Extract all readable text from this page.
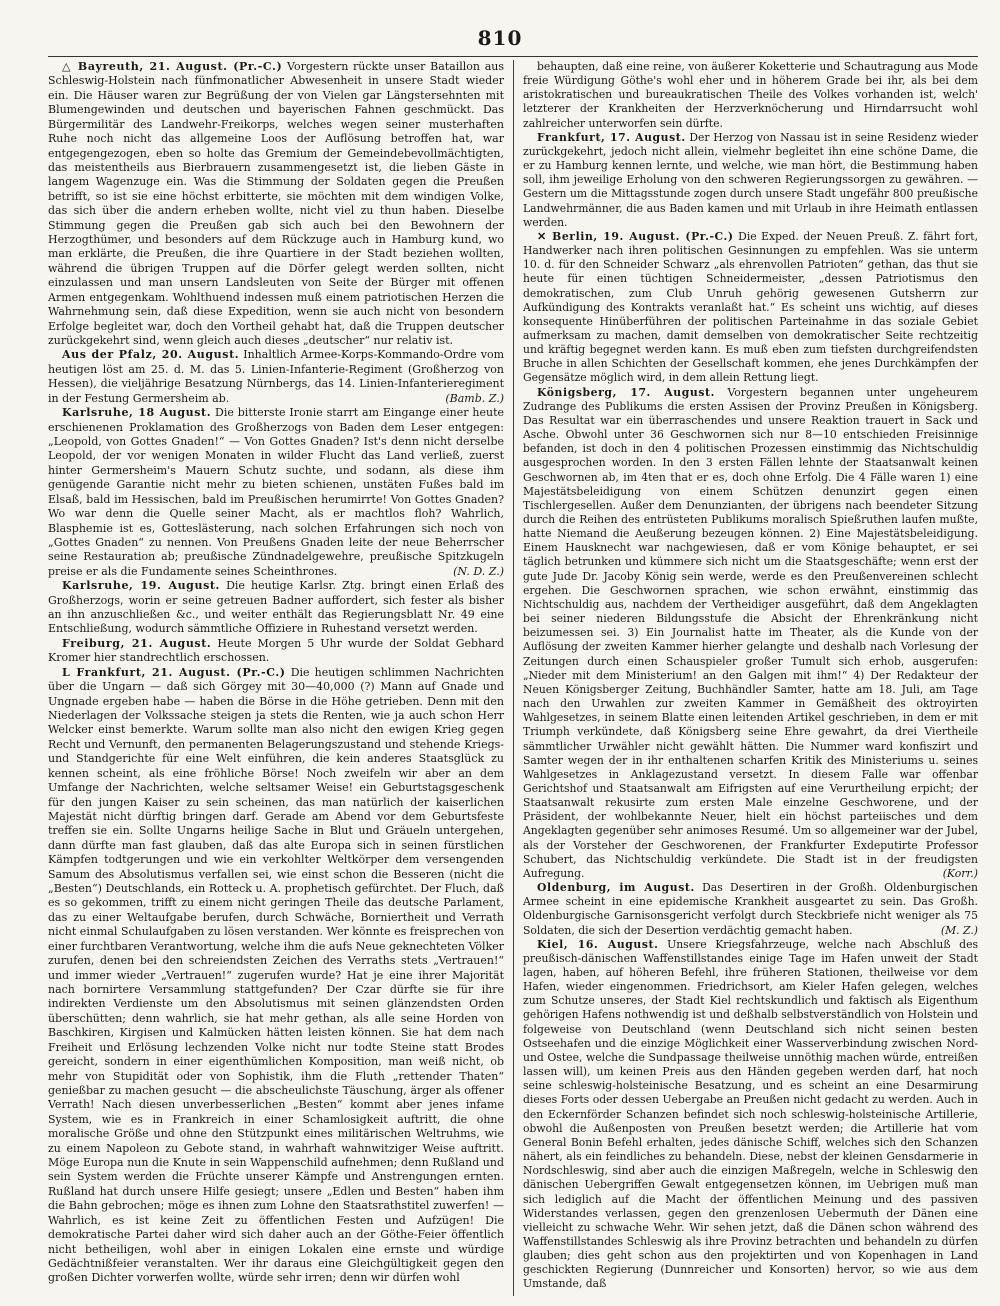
810

△ Bayreuth, 21. August. (Pr.-C.) Vorgestern rückte unser Bataillon aus Schleswig-Holstein nach fünfmonatlicher Abwesenheit in unsere Stadt wieder ein. Die Häuser waren zur Begrüßung der von Vielen gar Längstersehnten mit Blumengewinden und deutschen und bayerischen Fahnen geschmückt. Das Bürgermilitär des Landwehr-Freikorps, welches wegen seiner musterhaften Ruhe noch nicht das allgemeine Loos der Auflösung betroffen hat, war entgegengezogen, eben so holte das Gremium der Gemeindebevollmächtigten, das meistentheils aus Bierbrauern zusammengesetzt ist, die lieben Gäste in langem Wagenzuge ein. Was die Stimmung der Soldaten gegen die Preußen betrifft, so ist sie eine höchst erbitterte, sie möchten mit dem windigen Volke, das sich über die andern erheben wollte, nicht viel zu thun haben. Dieselbe Stimmung gegen die Preußen gab sich auch bei den Bewohnern der Herzogthümer, und besonders auf dem Rückzuge auch in Hamburg kund, wo man erklärte, die Preußen, die ihre Quartiere in der Stadt beziehen wollten, während die übrigen Truppen auf die Dörfer gelegt werden sollten, nicht einzulassen und man unsern Landsleuten von Seite der Bürger mit offenen Armen entgegenkam. Wohlthuend indessen muß einem patriotischen Herzen die Wahrnehmung sein, daß diese Expedition, wenn sie auch nicht von besondern Erfolge begleitet war, doch den Vortheil gehabt hat, daß die Truppen deutscher zurückgekehrt sind, wenn gleich auch dieses „deutscher“ nur relativ ist.

Aus der Pfalz, 20. August. Inhaltlich Armee-Korps-Kommando-Ordre vom heutigen löst am 25. d. M. das 5. Linien-Infanterie-Regiment (Großherzog von Hessen), die vieljährige Besatzung Nürnbergs, das 14. Linien-Infanterieregiment in der Festung Germersheim ab.	(Bamb. Z.)

Karlsruhe, 18 August. Die bitterste Ironie starrt am Eingange einer heute erschienenen Proklamation des Großherzogs von Baden dem Leser entgegen: „Leopold, von Gottes Gnaden!“ — Von Gottes Gnaden? Ist's denn nicht derselbe Leopold, der vor wenigen Monaten in wilder Flucht das Land verließ, zuerst hinter Germersheim's Mauern Schutz suchte, und sodann, als diese ihm genügende Garantie nicht mehr zu bieten schienen, unstäten Fußes bald im Elsaß, bald im Hessischen, bald im Preußischen herumirrte! Von Gottes Gnaden? Wo war denn die Quelle seiner Macht, als er machtlos floh? Wahrlich, Blasphemie ist es, Gotteslästerung, nach solchen Erfahrungen sich noch von „Gottes Gnaden“ zu nennen. Von Preußens Gnaden leite der neue Beherrscher seine Restauration ab; preußische Zündnadelgewehre, preußische Spitzkugeln preise er als die Fundamente seines Scheinthrones.	(N. D. Z.)

Karlsruhe, 19. August. Die heutige Karlsr. Ztg. bringt einen Erlaß des Großherzogs, worin er seine getreuen Badner auffordert, sich fester als bisher an ihn anzuschließen &c., und weiter enthält das Regierungsblatt Nr. 49 eine Entschließung, wodurch sämmtliche Offiziere in Ruhestand versetzt werden.

Freiburg, 21. August. Heute Morgen 5 Uhr wurde der Soldat Gebhard Kromer hier standrechtlich erschossen.

L Frankfurt, 21. August. (Pr.-C.) Die heutigen schlimmen Nachrichten über die Ungarn — daß sich Görgey mit 30—40,000 (?) Mann auf Gnade und Ungnade ergeben habe — haben die Börse in die Höhe getrieben. Denn mit den Niederlagen der Volkssache steigen ja stets die Renten, wie ja auch schon Herr Welcker einst bemerkte. Warum sollte man also nicht den ewigen Krieg gegen Recht und Vernunft, den permanenten Belagerungszustand und stehende Kriegs- und Standgerichte für eine Welt einführen, die kein anderes Staatsglück zu kennen scheint, als eine fröhliche Börse! Noch zweifeln wir aber an dem Umfange der Nachrichten, welche seltsamer Weise! ein Geburtstagsgeschenk für den jungen Kaiser zu sein scheinen, das man natürlich der kaiserlichen Majestät nicht dürftig bringen darf. Gerade am Abend vor dem Geburtsfeste treffen sie ein. Sollte Ungarns heilige Sache in Blut und Gräueln untergehen, dann dürfte man fast glauben, daß das alte Europa sich in seinen fürstlichen Kämpfen todtgerungen und wie ein verkohlter Weltkörper dem versengenden Samum des Absolutismus verfallen sei, wie einst schon die Besseren (nicht die „Besten“) Deutschlands, ein Rotteck u. A. prophetisch gefürchtet. Der Fluch, daß es so gekommen, trifft zu einem nicht geringen Theile das deutsche Parlament, das zu einer Weltaufgabe berufen, durch Schwäche, Borniertheit und Verrath nicht einmal Schulaufgaben zu lösen verstanden. Wer könnte es freisprechen von einer furchtbaren Verantwortung, welche ihm die aufs Neue geknechteten Völker zurufen, denen bei den schreiendsten Zeichen des Verraths stets „Vertrauen!“ und immer wieder „Vertrauen!“ zugerufen wurde? Hat je eine ihrer Majorität nach bornirtere Versammlung stattgefunden? Der Czar dürfte sie für ihre indirekten Verdienste um den Absolutismus mit seinen glänzendsten Orden überschütten; denn wahrlich, sie hat mehr gethan, als alle seine Horden von Baschkiren, Kirgisen und Kalmücken hätten leisten können. Sie hat dem nach Freiheit und Erlösung lechzenden Volke nicht nur todte Steine statt Brodes gereicht, sondern in einer eigenthümlichen Komposition, man weiß nicht, ob mehr von Stupidität oder von Sophistik, ihm die Fluth „rettender Thaten“ genießbar zu machen gesucht — die abscheulichste Täuschung, ärger als offener Verrath! Nach diesen unverbesserlichen „Besten“ kommt aber jenes infame System, wie es in Frankreich in einer Schamlosigkeit auftritt, die ohne moralische Größe und ohne den Stützpunkt eines militärischen Weltruhms, wie zu einem Napoleon zu Gebote stand, in wahrhaft wahnwitziger Weise auftritt. Möge Europa nun die Knute in sein Wappenschild aufnehmen; denn Rußland und sein System werden die Früchte unserer Kämpfe und Anstrengungen ernten. Rußland hat durch unsere Hilfe gesiegt; unsere „Edlen und Besten“ haben ihm die Bahn gebrochen; möge es ihnen zum Lohne den Staatsrathstitel zuwerfen! — Wahrlich, es ist keine Zeit zu öffentlichen Festen und Aufzügen! Die demokratische Partei daher wird sich daher auch an der Göthe-Feier öffentlich nicht betheiligen, wohl aber in einigen Lokalen eine ernste und würdige Gedächtnißfeier veranstalten. Wer ihr daraus eine Gleichgültigkeit gegen den großen Dichter vorwerfen wollte, würde sehr irren; denn wir dürfen wohl

behaupten, daß eine reine, von äußerer Koketterie und Schautragung aus Mode freie Würdigung Göthe's wohl eher und in höherem Grade bei ihr, als bei dem aristokratischen und bureaukratischen Theile des Volkes vorhanden ist, welch' letzterer der Krankheiten der Herzverknöcherung und Hirndarrsucht wohl zahlreicher unterworfen sein dürfte.

Frankfurt, 17. August. Der Herzog von Nassau ist in seine Residenz wieder zurückgekehrt, jedoch nicht allein, vielmehr begleitet ihn eine schöne Dame, die er zu Hamburg kennen lernte, und welche, wie man hört, die Bestimmung haben soll, ihm jeweilige Erholung von den schweren Regierungssorgen zu gewähren. — Gestern um die Mittagsstunde zogen durch unsere Stadt ungefähr 800 preußische Landwehrmänner, die aus Baden kamen und mit Urlaub in ihre Heimath entlassen werden.

✕ Berlin, 19. August. (Pr.-C.) Die Exped. der Neuen Preuß. Z. fährt fort, Handwerker nach ihren politischen Gesinnungen zu empfehlen. Was sie unterm 10. d. für den Schneider Schwarz „als ehrenvollen Patrioten“ gethan, das thut sie heute für einen tüchtigen Schneidermeister, „dessen Patriotismus den demokratischen, zum Club Unruh gehörig gewesenen Gutsherrn zur Aufkündigung des Kontrakts veranlaßt hat.“ Es scheint uns wichtig, auf dieses konsequente Hinüberführen der politischen Parteinahme in das soziale Gebiet aufmerksam zu machen, damit demselben von demokratischer Seite rechtzeitig und kräftig begegnet werden kann. Es muß eben zum tiefsten durchgreifendsten Bruche in allen Schichten der Gesellschaft kommen, ehe jenes Durchkämpfen der Gegensätze möglich wird, in dem allein Rettung liegt.

Königsberg, 17. August. Vorgestern begannen unter ungeheurem Zudrange des Publikums die ersten Assisen der Provinz Preußen in Königsberg. Das Resultat war ein überraschendes und unsere Reaktion trauert in Sack und Asche. Obwohl unter 36 Geschwornen sich nur 8—10 entschieden Freisinnige befanden, ist doch in den 4 politischen Prozessen einstimmig das Nichtschuldig ausgesprochen worden. In den 3 ersten Fällen lehnte der Staatsanwalt keinen Geschwornen ab, im 4ten that er es, doch ohne Erfolg. Die 4 Fälle waren 1) eine Majestätsbeleidigung von einem Schützen denunzirt gegen einen Tischlergesellen. Außer dem Denunzianten, der übrigens nach beendeter Sitzung durch die Reihen des entrüsteten Publikums moralisch Spießruthen laufen mußte, hatte Niemand die Aeußerung bezeugen können. 2) Eine Majestätsbeleidigung. Einem Hausknecht war nachgewiesen, daß er vom Könige behauptet, er sei täglich betrunken und kümmere sich nicht um die Staatsgeschäfte; wenn erst der gute Jude Dr. Jacoby König sein werde, werde es den Preußenvereinen schlecht ergehen. Die Geschwornen sprachen, wie schon erwähnt, einstimmig das Nichtschuldig aus, nachdem der Vertheidiger ausgeführt, daß dem Angeklagten bei seiner niederen Bildungsstufe die Absicht der Ehrenkränkung nicht beizumessen sei. 3) Ein Journalist hatte im Theater, als die Kunde von der Auflösung der zweiten Kammer hierher gelangte und deshalb nach Vorlesung der Zeitungen durch einen Schauspieler großer Tumult sich erhob, ausgerufen: „Nieder mit dem Ministerium! an den Galgen mit ihm!“ 4) Der Redakteur der Neuen Königsberger Zeitung, Buchhändler Samter, hatte am 18. Juli, am Tage nach den Urwahlen zur zweiten Kammer in Gemäßheit des oktroyirten Wahlgesetzes, in seinem Blatte einen leitenden Artikel geschrieben, in dem er mit Triumph verkündete, daß Königsberg seine Ehre gewahrt, da drei Viertheile sämmtlicher Urwähler nicht gewählt hätten. Die Nummer ward konfiszirt und Samter wegen der in ihr enthaltenen scharfen Kritik des Ministeriums u. seines Wahlgesetzes in Anklagezustand versetzt. In diesem Falle war offenbar Gerichtshof und Staatsanwalt am Eifrigsten auf eine Verurtheilung erpicht; der Staatsanwalt rekusirte zum ersten Male einzelne Geschworene, und der Präsident, der wohlbekannte Neuer, hielt ein höchst parteiisches und dem Angeklagten gegenüber sehr animoses Resumé. Um so allgemeiner war der Jubel, als der Vorsteher der Geschworenen, der Frankfurter Exdeputirte Professor Schubert, das Nichtschuldig verkündete. Die Stadt ist in der freudigsten Aufregung.	(Korr.)

Oldenburg, im August. Das Desertiren in der Großh. Oldenburgischen Armee scheint in eine epidemische Krankheit ausgeartet zu sein. Das Großh. Oldenburgische Garnisonsgericht verfolgt durch Steckbriefe nicht weniger als 75 Soldaten, die sich der Desertion verdächtig gemacht haben.	(M. Z.)

Kiel, 16. August. Unsere Kriegsfahrzeuge, welche nach Abschluß des preußisch-dänischen Waffenstillstandes einige Tage im Hafen unweit der Stadt lagen, haben, auf höheren Befehl, ihre früheren Stationen, theilweise vor dem Hafen, wieder eingenommen. Friedrichsort, am Kieler Hafen gelegen, welches zum Schutze unseres, der Stadt Kiel rechtskundlich und faktisch als Eigenthum gehörigen Hafens nothwendig ist und deßhalb selbstverständlich von Holstein und folgeweise von Deutschland (wenn Deutschland sich nicht seinen besten Ostseehafen und die einzige Möglichkeit einer Wasserverbindung zwischen Nord- und Ostee, welche die Sundpassage theilweise unnöthig machen würde, entreißen lassen will), um keinen Preis aus den Händen gegeben werden darf, hat noch seine schleswig-holsteinische Besatzung, und es scheint an eine Desarmirung dieses Forts oder dessen Uebergabe an Preußen nicht gedacht zu werden. Auch in den Eckernförder Schanzen befindet sich noch schleswig-holsteinische Artillerie, obwohl die Außenposten von Preußen besetzt werden; die Artillerie hat vom General Bonin Befehl erhalten, jedes dänische Schiff, welches sich den Schanzen nähert, als ein feindliches zu behandeln. Diese, nebst der kleinen Gensdarmerie in Nordschleswig, sind aber auch die einzigen Maßregeln, welche in Schleswig den dänischen Uebergriffen Gewalt entgegensetzen können, im Uebrigen muß man sich lediglich auf die Macht der öffentlichen Meinung und des passiven Widerstandes verlassen, gegen den grenzenlosen Uebermuth der Dänen eine vielleicht zu schwache Wehr. Wir sehen jetzt, daß die Dänen schon während des Waffenstillstandes Schleswig als ihre Provinz betrachten und behandeln zu dürfen glauben; dies geht schon aus den projektirten und von Kopenhagen in Land geschickten Regierung (Dunnreicher und Konsorten) hervor, so wie aus dem Umstande, daß
